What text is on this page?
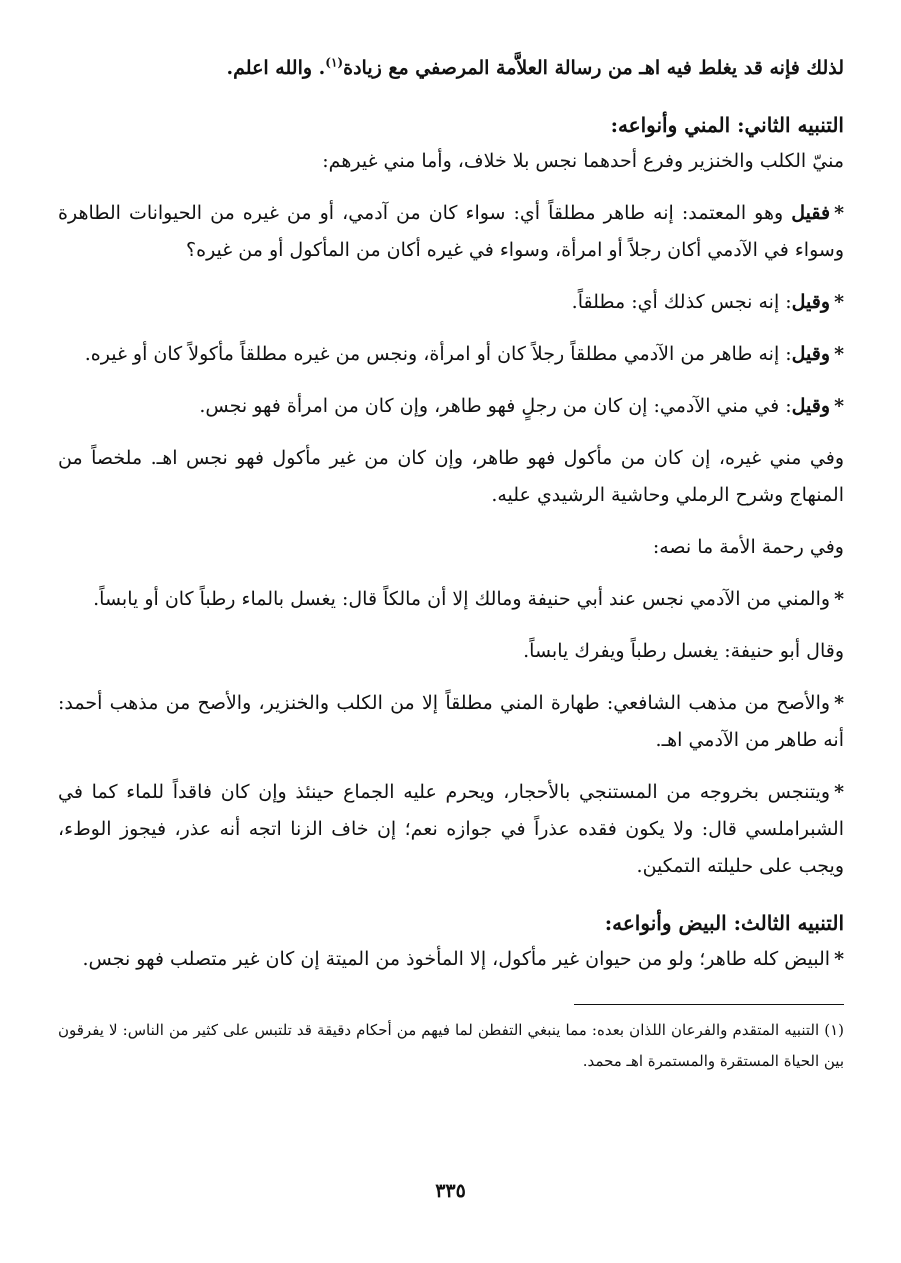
لذلك فإنه قد يغلط فيه اهـ من رسالة العلاَّمة المرصفي مع زيادة$^{(١)}$. والله اعلم.

التنبيه الثاني: المني وأنواعه:

منيّ الكلب والخنزير وفرع أحدهما نجس بلا خلاف، وأما مني غيرهم:

*فقيل وهو المعتمد: إنه طاهر مطلقاً أي: سواء كان من آدمي، أو من غيره من الحيوانات الطاهرة وسواء في الآدمي أكان رجلاً أو امرأة، وسواء في غيره أكان من المأكول أو من غيره؟

*وقيل: إنه نجس كذلك أي: مطلقاً.

*وقيل: إنه طاهر من الآدمي مطلقاً رجلاً كان أو امرأة، ونجس من غيره مطلقاً مأكولاً كان أو غيره.

*وقيل: في مني الآدمي: إن كان من رجلٍ فهو طاهر، وإن كان من امرأة فهو نجس.

وفي مني غيره، إن كان من مأكول فهو طاهر، وإن كان من غير مأكول فهو نجس اهـ. ملخصاً من المنهاج وشرح الرملي وحاشية الرشيدي عليه.

وفي رحمة الأمة ما نصه:

*والمني من الآدمي نجس عند أبي حنيفة ومالك إلا أن مالكاً قال: يغسل بالماء رطباً كان أو يابساً.

وقال أبو حنيفة: يغسل رطباً ويفرك يابساً.

*والأصح من مذهب الشافعي: طهارة المني مطلقاً إلا من الكلب والخنزير، والأصح من مذهب أحمد: أنه طاهر من الآدمي اهـ.

*ويتنجس بخروجه من المستنجي بالأحجار، ويحرم عليه الجماع حينئذ وإن كان فاقداً للماء كما في الشبراملسي قال: ولا يكون فقده عذراً في جوازه نعم؛ إن خاف الزنا اتجه أنه عذر، فيجوز الوطء، ويجب على حليلته التمكين.

التنبيه الثالث: البيض وأنواعه:

*البيض كله طاهر؛ ولو من حيوان غير مأكول، إلا المأخوذ من الميتة إن كان غير متصلب فهو نجس.

(١) التنبيه المتقدم والفرعان اللذان بعده: مما ينبغي التفطن لما فيهم من أحكام دقيقة قد تلتبس على كثير من الناس: لا يفرقون بين الحياة المستقرة والمستمرة اهـ محمد.

٣٣٥
